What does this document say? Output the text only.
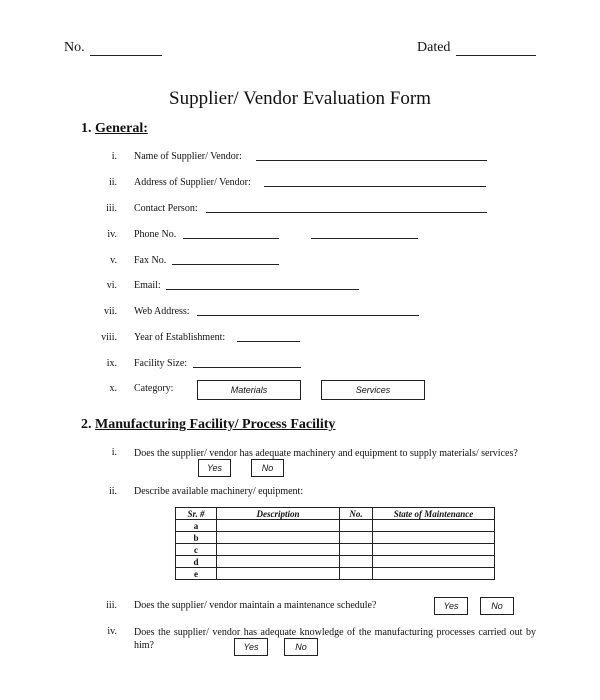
No.	Dated
Supplier/ Vendor Evaluation Form
1. General:
i. Name of Supplier/ Vendor:
ii. Address of Supplier/ Vendor:
iii. Contact Person:
iv. Phone No.
v. Fax No.
vi. Email:
vii. Web Address:
viii. Year of Establishment:
ix. Facility Size:
x. Category:	Materials	Services
2. Manufacturing Facility/ Process Facility
i. Does the supplier/ vendor has adequate machinery and equipment to supply materials/ services?
Yes	No
ii. Describe available machinery/ equipment:
Sr. #	Description	No.	State of Maintenance
a			
b			
c			
d			
e			
iii. Does the supplier/ vendor maintain a maintenance schedule?	Yes	No
iv. Does the supplier/ vendor has adequate knowledge of the manufacturing processes carried out by him?	Yes	No
